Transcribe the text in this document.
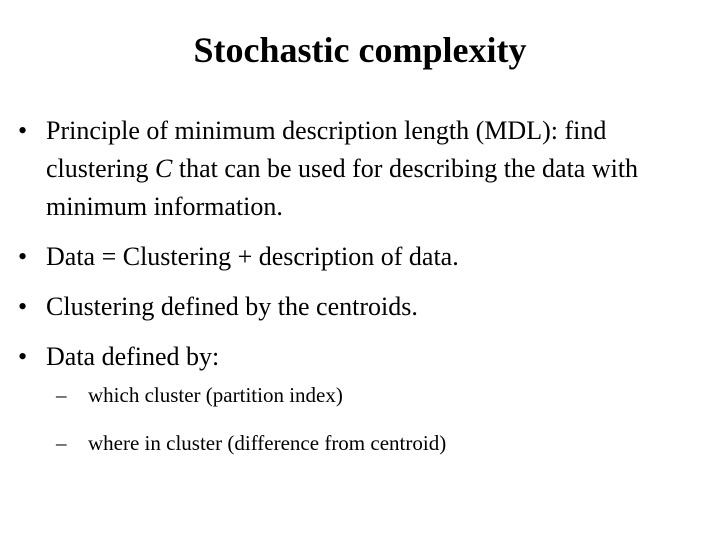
Stochastic complexity
• Principle of minimum description length (MDL): find clustering C that can be used for describing the data with minimum information.
• Data = Clustering + description of data.
• Clustering defined by the centroids.
• Data defined by:
– which cluster (partition index)
– where in cluster (difference from centroid)
